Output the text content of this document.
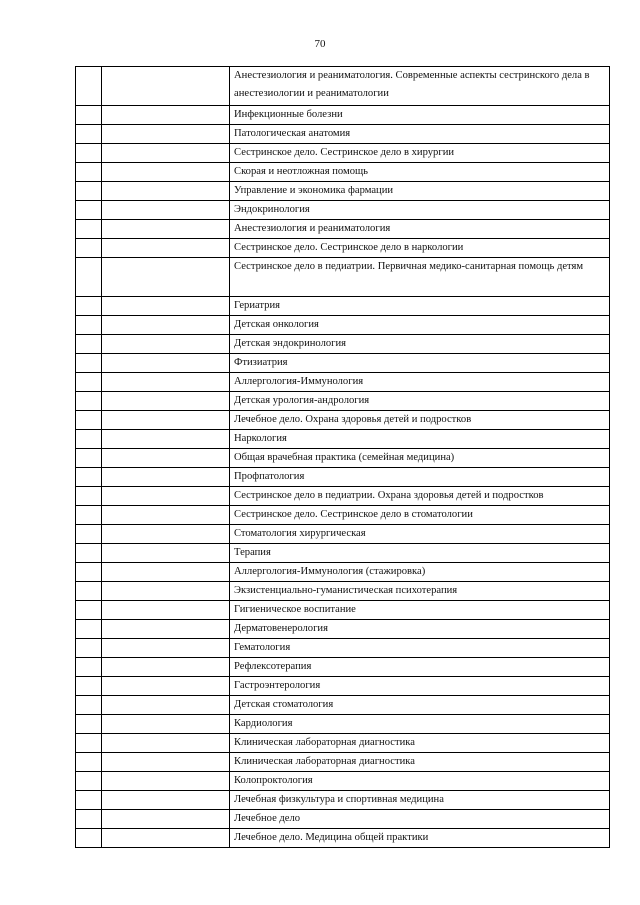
70
		Анестезиология и реаниматология. Современные аспекты сестринского дела в анестезиологии и реаниматологии
		Инфекционные болезни
		Патологическая анатомия
		Сестринское дело. Сестринское дело в хирургии
		Скорая и неотложная помощь
		Управление и экономика фармации
		Эндокринология
		Анестезиология и реаниматология
		Сестринское дело. Сестринское дело в наркологии
		Сестринское дело в педиатрии. Первичная медико-санитарная помощь детям
		Гериатрия
		Детская онкология
		Детская эндокринология
		Фтизиатрия
		Аллергология-Иммунология
		Детская урология-андрология
		Лечебное дело. Охрана здоровья детей и подростков
		Наркология
		Общая врачебная практика (семейная медицина)
		Профпатология
		Сестринское дело в педиатрии. Охрана здоровья детей и подростков
		Сестринское дело. Сестринское дело в стоматологии
		Стоматология хирургическая
		Терапия
		Аллергология-Иммунология (стажировка)
		Экзистенциально-гуманистическая психотерапия
		Гигиеническое воспитание
		Дерматовенерология
		Гематология
		Рефлексотерапия
		Гастроэнтерология
		Детская стоматология
		Кардиология
		Клиническая лабораторная диагностика
		Клиническая лабораторная диагностика
		Колопроктология
		Лечебная физкультура и спортивная медицина
		Лечебное дело
		Лечебное дело. Медицина общей практики
